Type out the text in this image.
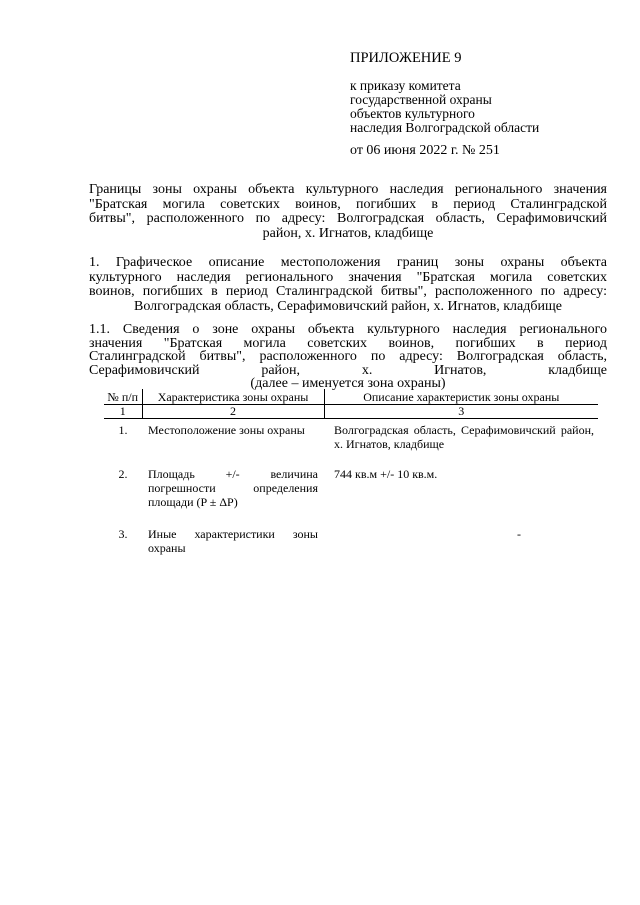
ПРИЛОЖЕНИЕ 9
к приказу комитета
государственной охраны
объектов культурного
наследия Волгоградской области
от 06 июня 2022 г. № 251
Границы зоны охраны объекта культурного наследия регионального значения
"Братская могила советских воинов, погибших в период Сталинградской
битвы", расположенного по адресу: Волгоградская область, Серафимовичский
район, х. Игнатов, кладбище
1. Графическое описание местоположения границ зоны охраны объекта
культурного наследия регионального значения "Братская могила советских
воинов, погибших в период Сталинградской битвы", расположенного по адресу:
Волгоградская область, Серафимовичский район, х. Игнатов, кладбище
1.1. Сведения о зоне охраны объекта культурного наследия регионального
значения "Братская могила советских воинов, погибших в период
Сталинградской битвы", расположенного по адресу: Волгоградская область,
Серафимовичский район, х. Игнатов, кладбище
(далее – именуется зона охраны)
№ п/п	Характеристика зоны охраны	Описание характеристик зоны охраны
1	2	3
1.	Местоположение зоны охраны	Волгоградская область, Серафимовичский район, х. Игнатов, кладбище
2.	Площадь +/- величина погрешности определения площади (P ± ΔP)	744 кв.м +/- 10 кв.м.
3.	Иные характеристики зоны охраны	-
